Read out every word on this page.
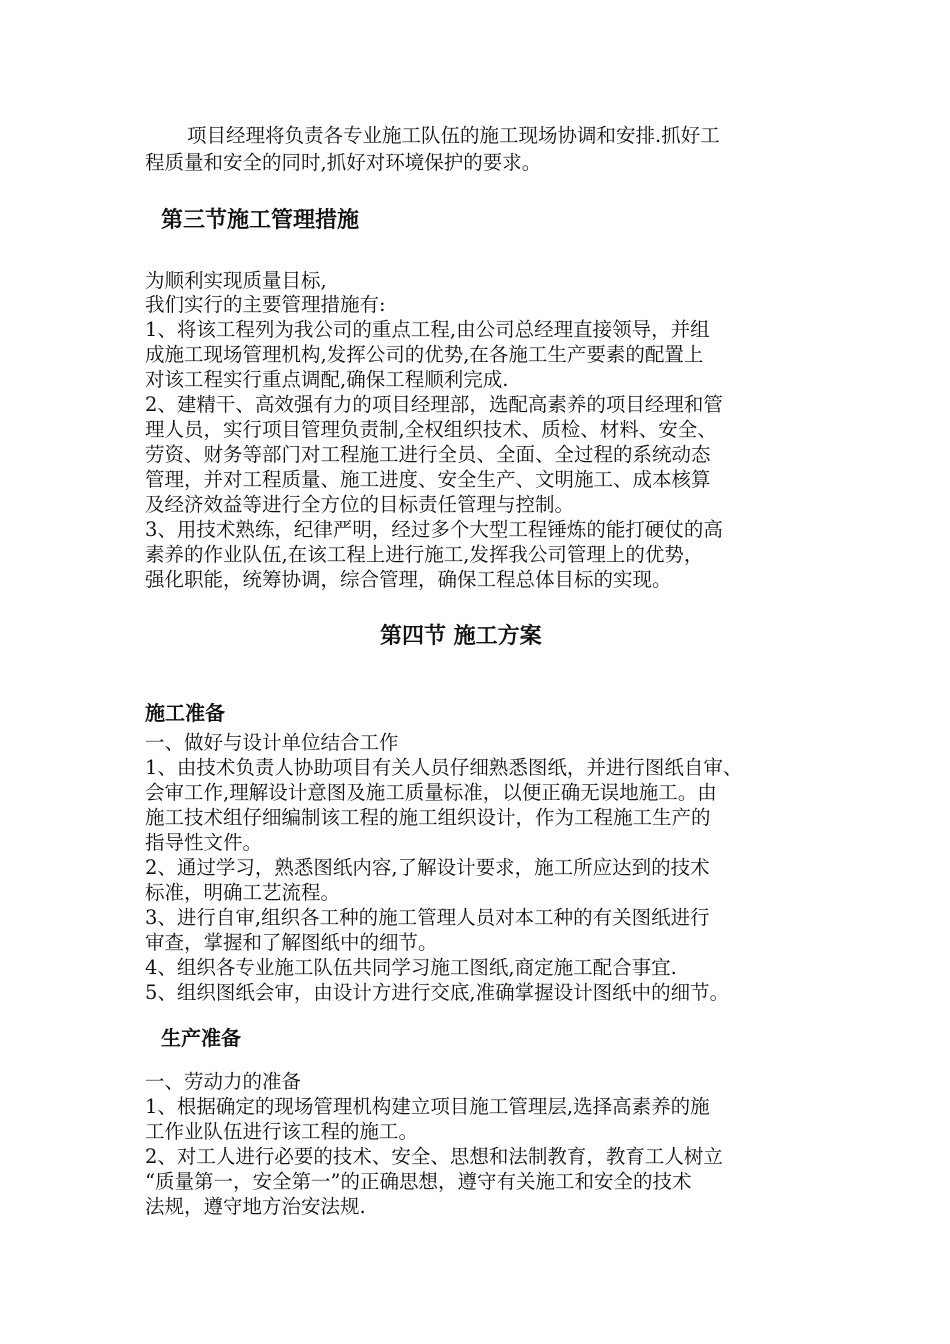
项目经理将负责各专业施工队伍的施工现场协调和安排.抓好工
程质量和安全的同时,抓好对环境保护的要求。
第三节施工管理措施
为顺利实现质量目标,
我们实行的主要管理措施有:
1、将该工程列为我公司的重点工程,由公司总经理直接领导，并组
成施工现场管理机构,发挥公司的优势,在各施工生产要素的配置上
对该工程实行重点调配,确保工程顺利完成.
2、建精干、高效强有力的项目经理部，选配高素养的项目经理和管
理人员，实行项目管理负责制,全权组织技术、质检、材料、安全、
劳资、财务等部门对工程施工进行全员、全面、全过程的系统动态
管理，并对工程质量、施工进度、安全生产、文明施工、成本核算
及经济效益等进行全方位的目标责任管理与控制。
3、用技术熟练，纪律严明，经过多个大型工程锤炼的能打硬仗的高
素养的作业队伍,在该工程上进行施工,发挥我公司管理上的优势，
强化职能，统筹协调，综合管理，确保工程总体目标的实现。
第四节 施工方案
施工准备
一、做好与设计单位结合工作
1、由技术负责人协助项目有关人员仔细熟悉图纸，并进行图纸自审、
会审工作,理解设计意图及施工质量标准，以便正确无误地施工。由
施工技术组仔细编制该工程的施工组织设计，作为工程施工生产的
指导性文件。
2、通过学习，熟悉图纸内容,了解设计要求，施工所应达到的技术
标准，明确工艺流程。
3、进行自审,组织各工种的施工管理人员对本工种的有关图纸进行
审查，掌握和了解图纸中的细节。
4、组织各专业施工队伍共同学习施工图纸,商定施工配合事宜.
5、组织图纸会审，由设计方进行交底,准确掌握设计图纸中的细节。
生产准备
一、劳动力的准备
1、根据确定的现场管理机构建立项目施工管理层,选择高素养的施
工作业队伍进行该工程的施工。
2、对工人进行必要的技术、安全、思想和法制教育，教育工人树立
“质量第一，安全第一”的正确思想，遵守有关施工和安全的技术
法规，遵守地方治安法规.
